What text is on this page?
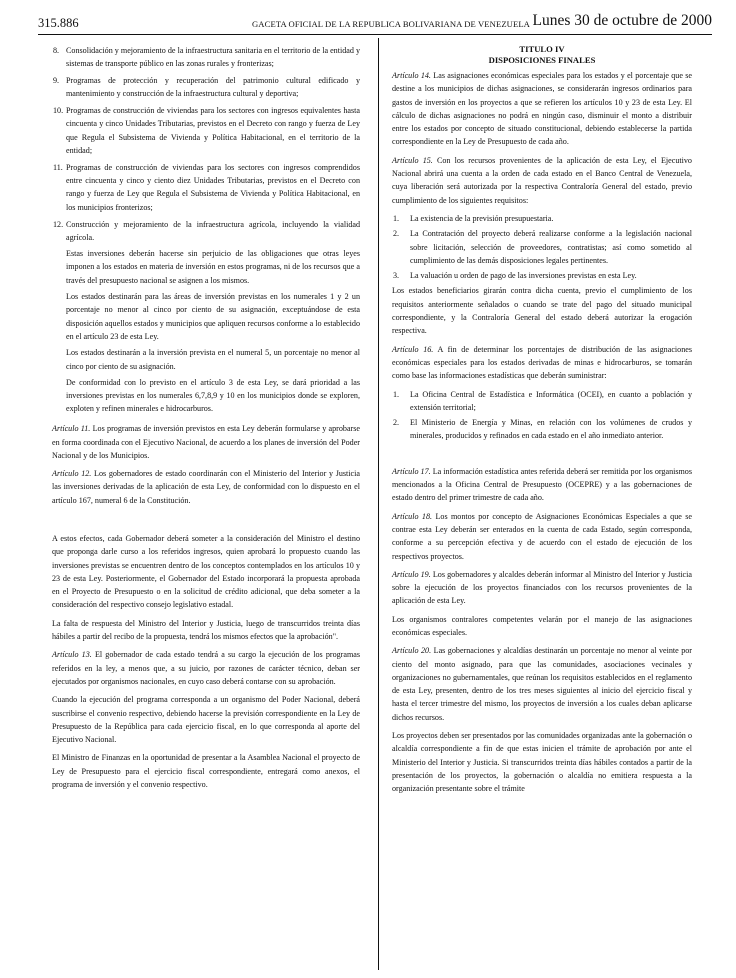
315.886	GACETA OFICIAL DE LA REPUBLICA BOLIVARIANA DE VENEZUELA Lunes 30 de octubre de 2000
8. Consolidación y mejoramiento de la infraestructura sanitaria en el territorio de la entidad y sistemas de transporte público en las zonas rurales y fronterizas;
9. Programas de protección y recuperación del patrimonio cultural edificado y mantenimiento y construcción de la infraestructura cultural y deportiva;
10. Programas de construcción de viviendas para los sectores con ingresos equivalentes hasta cincuenta y cinco Unidades Tributarias, previstos en el Decreto con rango y fuerza de Ley que Regula el Subsistema de Vivienda y Política Habitacional, en el territorio de la entidad;
11. Programas de construcción de viviendas para los sectores con ingresos comprendidos entre cincuenta y cinco y ciento diez Unidades Tributarias, previstos en el Decreto con rango y fuerza de Ley que Regula el Subsistema de Vivienda y Política Habitacional, en los municipios fronterizos;
12. Construcción y mejoramiento de la infraestructura agrícola, incluyendo la vialidad agrícola.

Estas inversiones deberán hacerse sin perjuicio de las obligaciones que otras leyes imponen a los estados en materia de inversión en estos programas, ni de los recursos que a través del presupuesto nacional se asignen a los mismos.

Los estados destinarán para las áreas de inversión previstas en los numerales 1 y 2 un porcentaje no menor al cinco por ciento de su asignación, exceptuándose de esta disposición aquellos estados y municipios que apliquen recursos conforme a lo establecido en el artículo 23 de esta Ley.

Los estados destinarán a la inversión prevista en el numeral 5, un porcentaje no menor al cinco por ciento de su asignación.

De conformidad con lo previsto en el artículo 3 de esta Ley, se dará prioridad a las inversiones previstas en los numerales 6,7,8,9 y 10 en los municipios donde se exploren, exploten y refinen minerales e hidrocarburos.

Artículo 11. Los programas de inversión previstos en esta Ley deberán formularse y aprobarse en forma coordinada con el Ejecutivo Nacional, de acuerdo a los planes de inversión del Poder Nacional y de los Municipios.

Artículo 12. Los gobernadores de estado coordinarán con el Ministerio del Interior y Justicia las inversiones derivadas de la aplicación de esta Ley, de conformidad con lo dispuesto en el artículo 167, numeral 6 de la Constitución.

A estos efectos, cada Gobernador deberá someter a la consideración del Ministro el destino que proponga darle curso a los referidos ingresos, quien aprobará lo propuesto cuando las inversiones previstas se encuentren dentro de los conceptos contemplados en los artículos 10 y 23 de esta Ley. Posteriormente, el Gobernador del Estado incorporará la propuesta aprobada en el Proyecto de Presupuesto o en la solicitud de crédito adicional, que deba someter a la consideración del respectivo consejo legislativo estadal.

La falta de respuesta del Ministro del Interior y Justicia, luego de transcurridos treinta días hábiles a partir del recibo de la propuesta, tendrá los mismos efectos que la aprobación".

Artículo 13. El gobernador de cada estado tendrá a su cargo la ejecución de los programas referidos en la ley, a menos que, a su juicio, por razones de carácter técnico, deban ser ejecutados por organismos nacionales, en cuyo caso deberá contarse con su aprobación.

Cuando la ejecución del programa corresponda a un organismo del Poder Nacional, deberá suscribirse el convenio respectivo, debiendo hacerse la previsión correspondiente en la Ley de Presupuesto de la República para cada ejercicio fiscal, en lo que corresponda al aporte del Ejecutivo Nacional.

El Ministro de Finanzas en la oportunidad de presentar a la Asamblea Nacional el proyecto de Ley de Presupuesto para el ejercicio fiscal correspondiente, entregará como anexos, el programa de inversión y el convenio respectivo.

TITULO IV
DISPOSICIONES FINALES

Artículo 14. Las asignaciones económicas especiales para los estados y el porcentaje que se destine a los municipios de dichas asignaciones, se considerarán ingresos ordinarios para gastos de inversión en los proyectos a que se refieren los artículos 10 y 23 de esta Ley. El cálculo de dichas asignaciones no podrá en ningún caso, disminuir el monto a distribuir entre los estados por concepto de situado constitucional, debiendo establecerse la partida correspondiente en la Ley de Presupuesto de cada año.

Artículo 15. Con los recursos provenientes de la aplicación de esta Ley, el Ejecutivo Nacional abrirá una cuenta a la orden de cada estado en el Banco Central de Venezuela, cuya liberación será autorizada por la respectiva Contraloría General del estado, previo cumplimiento de los siguientes requisitos:

1.	La existencia de la previsión presupuestaria.
2.	La Contratación del proyecto deberá realizarse conforme a la legislación nacional sobre licitación, selección de proveedores, contratistas; así como sometido al cumplimiento de las demás disposiciones legales pertinentes.
3.	La valuación u orden de pago de las inversiones previstas en esta Ley.

Los estados beneficiarios girarán contra dicha cuenta, previo el cumplimiento de los requisitos anteriormente señalados o cuando se trate del pago del situado municipal correspondiente, y la Contraloría General del estado deberá autorizar la erogación respectiva.

Artículo 16. A fin de determinar los porcentajes de distribución de las asignaciones económicas especiales para los estados derivadas de minas e hidrocarburos, se tomarán como base las informaciones estadísticas que deberán suministrar:

1.	La Oficina Central de Estadística e Informática (OCEI), en cuanto a población y extensión territorial;
2.	El Ministerio de Energía y Minas, en relación con los volúmenes de crudos y minerales, producidos y refinados en cada estado en el año inmediato anterior.

Artículo 17. La información estadística antes referida deberá ser remitida por los organismos mencionados a la Oficina Central de Presupuesto (OCEPRE) y a las gobernaciones de estado dentro del primer trimestre de cada año.

Artículo 18. Los montos por concepto de Asignaciones Económicas Especiales a que se contrae esta Ley deberán ser enterados en la cuenta de cada Estado, según corresponda, conforme a su percepción efectiva y de acuerdo con el estado de ejecución de los respectivos proyectos.

Artículo 19. Los gobernadores y alcaldes deberán informar al Ministro del Interior y Justicia sobre la ejecución de los proyectos financiados con los recursos provenientes de la aplicación de esta Ley.

Los organismos contralores competentes velarán por el manejo de las asignaciones económicas especiales.

Artículo 20. Las gobernaciones y alcaldías destinarán un porcentaje no menor al veinte por ciento del monto asignado, para que las comunidades, asociaciones vecinales y organizaciones no gubernamentales, que reúnan los requisitos establecidos en el reglamento de esta Ley, presenten, dentro de los tres meses siguientes al inicio del ejercicio fiscal y hasta el tercer trimestre del mismo, los proyectos de inversión a los cuales deban aplicarse dichos recursos.

Los proyectos deben ser presentados por las comunidades organizadas ante la gobernación o alcaldía correspondiente a fin de que estas inicien el trámite de aprobación por ante el Ministerio del Interior y Justicia. Si transcurridos treinta días hábiles contados a partir de la presentación de los proyectos, la gobernación o alcaldía no emitiera respuesta a la organización presentante sobre el trámite
